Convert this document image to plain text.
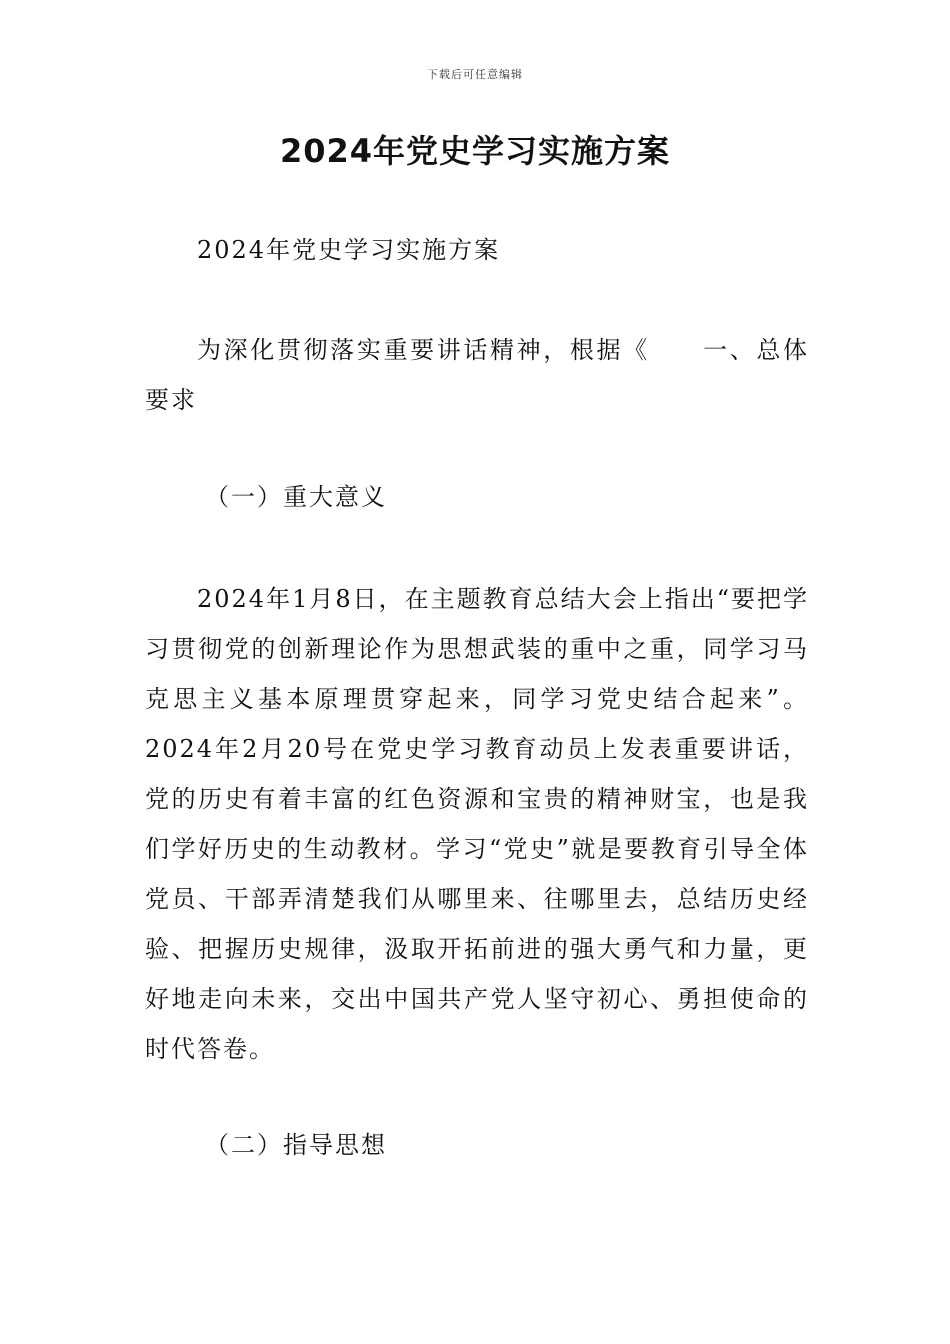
下载后可任意编辑
2024年党史学习实施方案

2024年党史学习实施方案

为深化贯彻落实重要讲话精神，根据《　　一、总体要求

（一）重大意义

2024年1月8日，在主题教育总结大会上指出“要把学习贯彻党的创新理论作为思想武装的重中之重，同学习马克思主义基本原理贯穿起来，同学习党史结合起来”。2024年2月20号在党史学习教育动员上发表重要讲话，党的历史有着丰富的红色资源和宝贵的精神财宝，也是我们学好历史的生动教材。学习“党史”就是要教育引导全体党员、干部弄清楚我们从哪里来、往哪里去，总结历史经验、把握历史规律，汲取开拓前进的强大勇气和力量，更好地走向未来，交出中国共产党人坚守初心、勇担使命的时代答卷。

（二）指导思想
